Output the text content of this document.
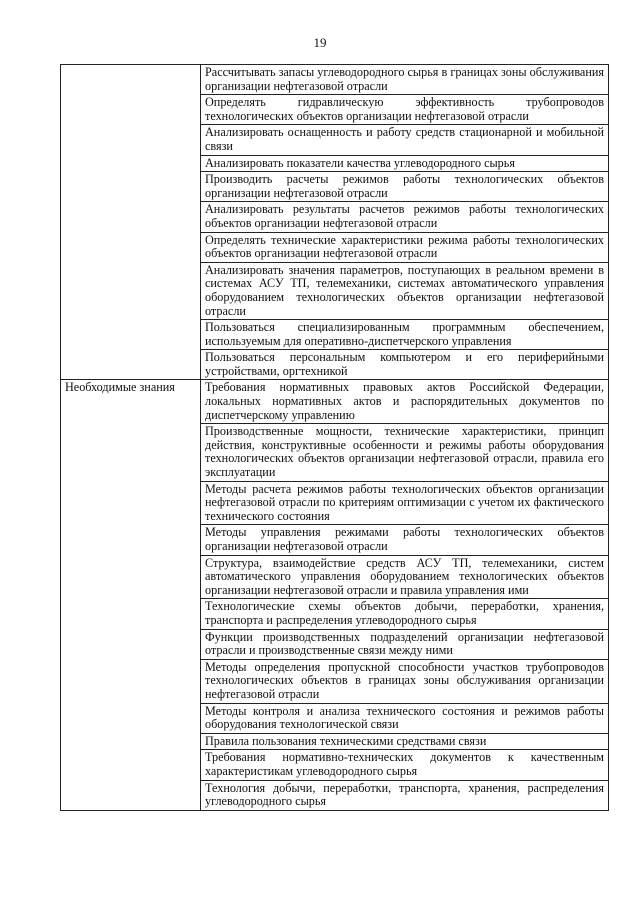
19
	Рассчитывать запасы углеводородного сырья в границах зоны обслуживания организации нефтегазовой отрасли
	Определять гидравлическую эффективность трубопроводов технологических объектов организации нефтегазовой отрасли
	Анализировать оснащенность и работу средств стационарной и мобильной связи
	Анализировать показатели качества углеводородного сырья
	Производить расчеты режимов работы технологических объектов организации нефтегазовой отрасли
	Анализировать результаты расчетов режимов работы технологических объектов организации нефтегазовой отрасли
	Определять технические характеристики режима работы технологических объектов организации нефтегазовой отрасли
	Анализировать значения параметров, поступающих в реальном времени в системах АСУ ТП, телемеханики, системах автоматического управления оборудованием технологических объектов организации нефтегазовой отрасли
	Пользоваться специализированным программным обеспечением, используемым для оперативно-диспетчерского управления
	Пользоваться персональным компьютером и его периферийными устройствами, оргтехникой
Необходимые знания	Требования нормативных правовых актов Российской Федерации, локальных нормативных актов и распорядительных документов по диспетчерскому управлению
	Производственные мощности, технические характеристики, принцип действия, конструктивные особенности и режимы работы оборудования технологических объектов организации нефтегазовой отрасли, правила его эксплуатации
	Методы расчета режимов работы технологических объектов организации нефтегазовой отрасли по критериям оптимизации с учетом их фактического технического состояния
	Методы управления режимами работы технологических объектов организации нефтегазовой отрасли
	Структура, взаимодействие средств АСУ ТП, телемеханики, систем автоматического управления оборудованием технологических объектов организации нефтегазовой отрасли и правила управления ими
	Технологические схемы объектов добычи, переработки, хранения, транспорта и распределения углеводородного сырья
	Функции производственных подразделений организации нефтегазовой отрасли и производственные связи между ними
	Методы определения пропускной способности участков трубопроводов технологических объектов в границах зоны обслуживания организации нефтегазовой отрасли
	Методы контроля и анализа технического состояния и режимов работы оборудования технологической связи
	Правила пользования техническими средствами связи
	Требования нормативно-технических документов к качественным характеристикам углеводородного сырья
	Технология добычи, переработки, транспорта, хранения, распределения углеводородного сырья
